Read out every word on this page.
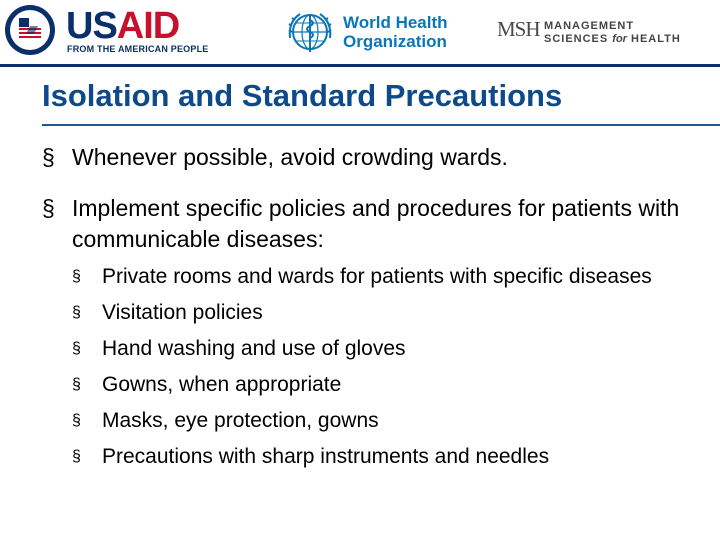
USAID
FROM THE AMERICAN PEOPLE
World Health
Organization
MSH MANAGEMENT
SCIENCES for HEALTH
Isolation and Standard Precautions
§ Whenever possible, avoid crowding wards.
§ Implement specific policies and procedures for patients with communicable diseases:
§ Private rooms and wards for patients with specific diseases
§ Visitation policies
§ Hand washing and use of gloves
§ Gowns, when appropriate
§ Masks, eye protection, gowns
§ Precautions with sharp instruments and needles
